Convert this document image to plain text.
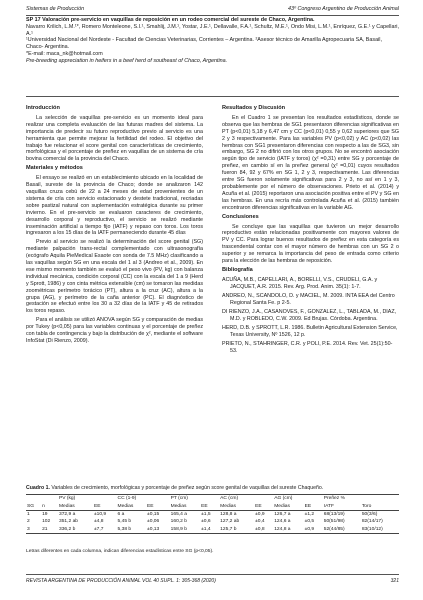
Sistemas de Producción	43º Congreso Argentino de Producción Animal
SP 17 Valoración pre-servicio en vaquillas de reposición en un rodeo comercial del sureste de Chaco, Argentina.
Navarro Krilich, L.M.¹*, Romero Monteleone, S.I.¹, Smahlij, J.M.¹, Yostar, J.E.¹, Dellavalle, F.A.¹, Schultz, M.E.¹, Ondo Misi, L.M.¹, Enríquez, G.E.¹ y Capellari, A.¹
¹Universidad Nacional del Nordeste - Facultad de Ciencias Veterinarias, Corrientes – Argentina. ²Asesor técnico de Amarilla Agropecuaria SA, Basail, Chaco- Argentina.
*E-mail: maca_nk@hotmail.com
Pre-breeding appreciation in heifers in a beef herd of southeast of Chaco, Argentina.
Introducción

La selección de vaquillas pre-servicio es un momento ideal para realizar una completa evaluación de las futuras madres del sistema. La importancia de predecir su futuro reproductivo previo al servicio es una herramienta que permite mejorar la fertilidad del rodeo. El objetivo del trabajo fue relacionar el score genital con características de crecimiento, morfológicas y el porcentaje de preñez en vaquillas de un sistema de cría bovina comercial de la provincia del Chaco.

Materiales y métodos

El ensayo se realizó en un establecimiento ubicado en la localidad de Basail, sureste de la provincia de Chaco; donde se analizaron 142 vaquillas cruza cebú de 22 a 24 meses de edad provenientes de un sistema de cría con servicio estacionado y destete tradicional, recriadas sobre pastizal natural con suplementación estratégica durante su primer invierno. En el pre-servicio se evaluaron caracteres de crecimiento, desarrollo corporal y reproductivo, el servicio se realizó mediante inseminación artificial a tiempo fijo (IATF) y repaso con toros. Los toros ingresaron a los 15 días de la IATF permaneciendo durante 45 días

Previo al servicio se realizó la determinación del score genital (SG) mediante palpación trans-rectal complementado con ultrasonografía (ecógrafo Aquila PieMedical Esaote con sonda de 7.5 MHz) clasificando a las vaquillas según SG en una escala del 1 al 3 (Andreo et al., 2009). En ese mismo momento también se evaluó el peso vivo (PV, kg) con balanza individual mecánica, condición corporal (CC) con la escala del 1 a 9 (Herd y Sprott, 1986) y con cinta métrica extensible (cm) se tomaron las medidas zoométricas perímetro torácico (PT), altura a la cruz (AC), altura a la grupa (AG), y perímetro de la caña anterior (PC). El diagnóstico de gestación se efectuó entre los 30 a 32 días de la IATF y 45 de retirados los toros repaso.

Para el análisis se utilizó ANOVA según SG y comparación de medias por Tukey (p<0,05) para las variables continuas y el porcentaje de preñez con tabla de contingencia y bajo la distribución de χ², mediante el software InfoStat (Di Rienzo, 2009).

Resultados y Discusión

En el Cuadro 1 se presentan los resultados estadísticos, donde se observa que las hembras de SG1 presentaron diferencias significativas en PT (p<0,01) 5,18 y 6,47 cm y CC (p<0,01) 0,55 y 0,62 superiores que SG 2 y 3 respectivamente. Para las variables PV (p<0,02) y AC (p<0,02) las hembras con SG1 presentaron diferencias con respecto a las de SG3, sin embargo, SG 2 no difirió con los otros grupos. No se encontró asociación según tipo de servicio (IATF y toros) (χ² =0,31) entre SG y porcentaje de preñez, en cambio sí en la preñez general (χ² =0,01) cuyos resultados fueron 84, 92 y 67% en SG 1, 2 y 3, respectivamente. Las diferencias entre SG fueron solamente significativas para 2 y 3, no así en 1 y 3, probablemente por el número de observaciones. Prieto et al. (2014) y Acuña et al. (2015) reportaron una asociación positiva entre el PV y SG en las hembras. En una recría más controlada Acuña et al. (2015) también encontraron diferencias significativas en la variable AG.

Conclusiones

Se concluye que las vaquillas que tuvieron un mejor desarrollo reproductivo están relacionadas positivamente con mayores valores de PV y CC. Para lograr buenos resultados de preñez en esta categoría es trascendental contar con el mayor número de hembras con un SG 2 o superior y se remarca la importancia del peso de entrada como criterio para la elección de las hembras de reposición.

Bibliografía

ACUÑA, M.B., CAPELLARI, A., BORELLI, V.S., CRUDELI, G.A. y JACQUET, A.R. 2015. Rev. Arg. Prod. Anim. 35(1): 1-7.

ANDREO, N., SCANDOLO, D. y MACIEL, M. 2009. INTA EEA del Centro Regional Santa Fe. p 2-5.

DI RIENZO, J.A., CASANOVES, F., GONZALEZ, L., TABLADA, M., DIAZ, M.D. y ROBLEDO, C.W. 2009. Ed Brujas. Córdoba. Argentina.

HERD, D.B. y SPROTT, L.R. 1986. Bulletin Agricultural Extension Service, Texas University, Nº 1526, 12 p.

PRIETO, N., STAHRINGER, C.R. y POLI, P.E. 2014. Rev. Vet. 25(1):50-53.

Cuadro 1. Variables de crecimiento, morfológicas y porcentaje de preñez según score genital de vaquillas del sureste Chaqueño.
		PV (kg)		CC (1-9)		PT (cm)		AC (cm)		AG (cm)		Preñez %	
SG	n	Medias	EE	Medias	EE	Medias	EE	Medias	EE	Medias	EE	IATF	Toro
1	19	372,9 a	±10,9	6 a	±0,15	165,4 a	±1,5	128,8 a	±0,9	126,7 a	±1,2	68(13/19)	50(3/6)
2	102	351,2 ab	±4,8	5,45 b	±0,06	160,2 b	±0,6	127,2 ab	±0,4	124,6 a	±0,5	50(51/98)	82(14/17)
3	21	336,2 b	±7,7	5,38 b	±0,13	158,9 b	±1,4	125,7 b	±0,8	124,8 a	±0,9	52(44/85)	83(10/12)
Letras diferentes en cada columna, indican diferencias estadísticas entre SG (p<0,05).
REVISTA ARGENTINA DE PRODUCCIÓN ANIMAL VOL 40 SUPL. 1: 305-368 (2020)	321
